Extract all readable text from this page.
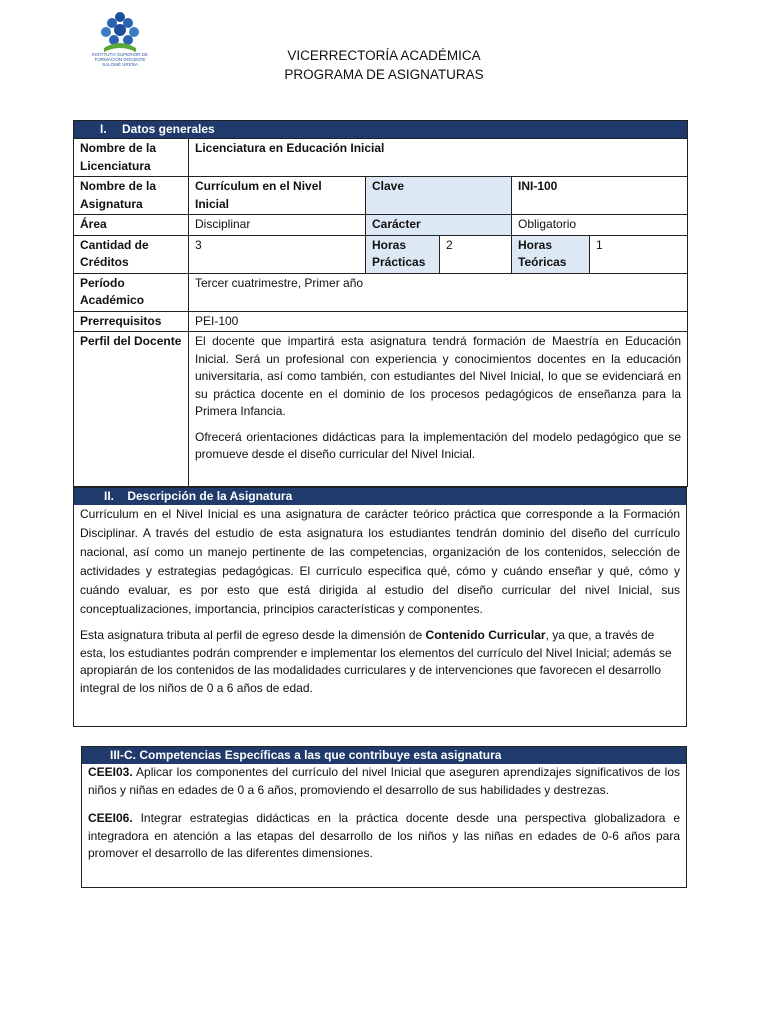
INSTITUTO SUPERIOR DE FORMACIÓN DOCENTE SALOMÉ UREÑA
VICERRECTORÍA ACADÉMICA
PROGRAMA DE ASIGNATURAS
I. Datos generales					
Nombre de la Licenciatura	Licenciatura en Educación Inicial				
Nombre de la Asignatura	Currículum en el Nivel Inicial	Clave		INI-100	
Área	Disciplinar	Carácter		Obligatorio	
Cantidad de Créditos	3	Horas Prácticas	2	Horas Teóricas	1
Período Académico	Tercer cuatrimestre, Primer año				
Prerrequisitos	PEI-100				
Perfil del Docente	El docente que impartirá esta asignatura tendrá formación de Maestría en Educación Inicial. Será un profesional con experiencia y conocimientos docentes en la educación universitaria, así como también, con estudiantes del Nivel Inicial, lo que se evidenciará en su práctica docente en el dominio de los procesos pedagógicos de enseñanza para la Primera Infancia.

Ofrecerá orientaciones didácticas para la implementación del modelo pedagógico que se promueve desde el diseño curricular del Nivel Inicial.				

II. Descripción de la Asignatura

Currículum en el Nivel Inicial es una asignatura de carácter teórico práctica que corresponde a la Formación Disciplinar. A través del estudio de esta asignatura los estudiantes tendrán dominio del diseño del currículo nacional, así como un manejo pertinente de las competencias, organización de los contenidos, selección de actividades y estrategias pedagógicas. El currículo especifica qué, cómo y cuándo enseñar y qué, cómo y cuándo evaluar, es por esto que está dirigida al estudio del diseño curricular del nivel Inicial, sus conceptualizaciones, importancia, principios características y componentes.

Esta asignatura tributa al perfil de egreso desde la dimensión de Contenido Curricular, ya que, a través de esta, los estudiantes podrán comprender e implementar los elementos del currículo del Nivel Inicial; además se apropiarán de los contenidos de las modalidades curriculares y de intervenciones que favorecen el desarrollo integral de los niños de 0 a 6 años de edad.

III-C. Competencias Específicas a las que contribuye esta asignatura

CEEI03. Aplicar los componentes del currículo del nivel Inicial que aseguren aprendizajes significativos de los niños y niñas en edades de 0 a 6 años, promoviendo el desarrollo de sus habilidades y destrezas.

CEEI06. Integrar estrategias didácticas en la práctica docente desde una perspectiva globalizadora e integradora en atención a las etapas del desarrollo de los niños y las niñas en edades de 0-6 años para promover el desarrollo de las diferentes dimensiones.
